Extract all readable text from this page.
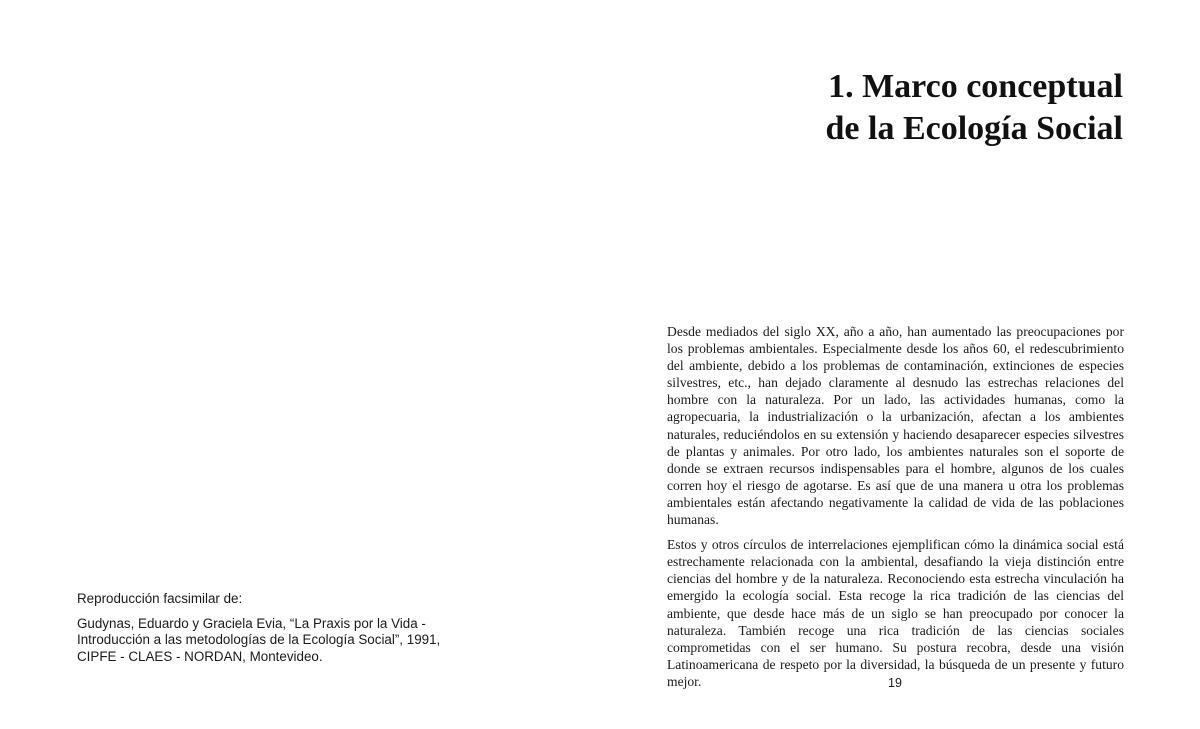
Reproducción facsimilar de:

Gudynas, Eduardo y Graciela Evia, “La Praxis por la Vida - Introducción a las metodologías de la Ecología Social”, 1991, CIPFE - CLAES - NORDAN, Montevideo.

1. Marco conceptual
de la Ecología Social

Desde mediados del siglo XX, año a año, han aumentado las preocupaciones por los problemas ambientales. Especialmente desde los años 60, el redescubrimiento del ambiente, debido a los problemas de contaminación, extinciones de especies silvestres, etc., han dejado claramente al desnudo las estrechas relaciones del hombre con la naturaleza. Por un lado, las actividades humanas, como la agropecuaria, la industrialización o la urbanización, afectan a los ambientes naturales, reduciéndolos en su extensión y haciendo desaparecer especies silvestres de plantas y animales. Por otro lado, los ambientes naturales son el soporte de donde se extraen recursos indispensables para el hombre, algunos de los cuales corren hoy el riesgo de agotarse. Es así que de una manera u otra los problemas ambientales están afectando negativamente la calidad de vida de las poblaciones humanas.

Estos y otros círculos de interrelaciones ejemplifican cómo la dinámica social está estrechamente relacionada con la ambiental, desafiando la vieja distinción entre ciencias del hombre y de la naturaleza. Reconociendo esta estrecha vinculación ha emergido la ecología social. Esta recoge la rica tradición de las ciencias del ambiente, que desde hace más de un siglo se han preocupado por conocer la naturaleza. También recoge una rica tradición de las ciencias sociales comprometidas con el ser humano. Su postura recobra, desde una visión Latinoamericana de respeto por la diversidad, la búsqueda de un presente y futuro mejor.	19
